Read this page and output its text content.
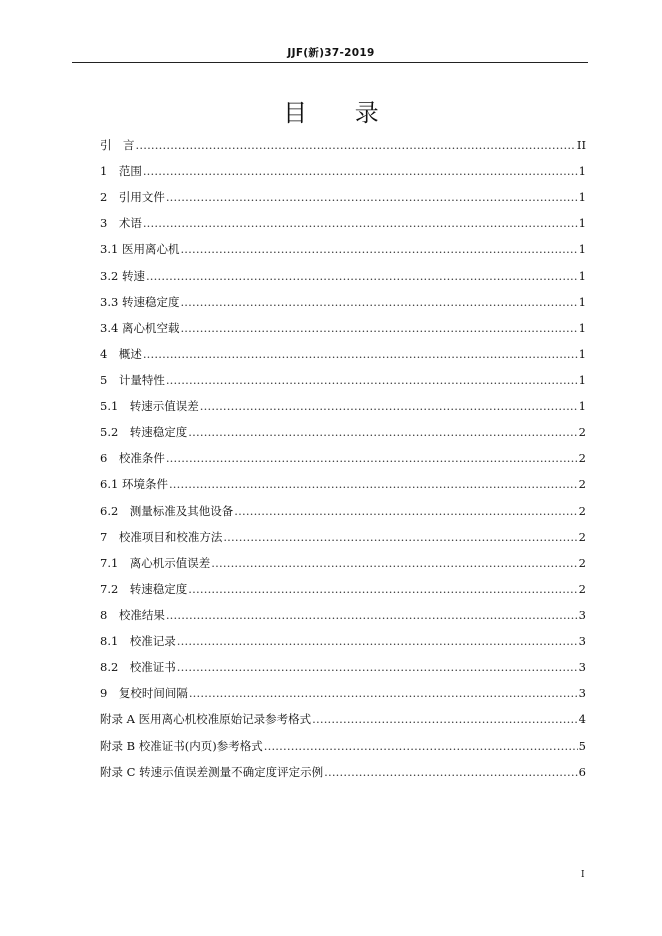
JJF(新)37-2019
目 录
引　言 .....	II
1　范围 .....	1
2　引用文件 .....	1
3　术语 .....	1
3.1 医用离心机 .....	1
3.2 转速 .....	1
3.3 转速稳定度 .....	1
3.4 离心机空载 .....	1
4　概述 .....	1
5　计量特性 .....	1
5.1　转速示值误差 .....	1
5.2　转速稳定度 .....	2
6　校准条件 .....	2
6.1 环境条件 .....	2
6.2　测量标准及其他设备 .....	2
7　校准项目和校准方法 .....	2
7.1　离心机示值误差 .....	2
7.2　转速稳定度 .....	2
8　校准结果 .....	3
8.1　校准记录 .....	3
8.2　校准证书 .....	3
9　复校时间间隔 .....	3
附录 A 医用离心机校准原始记录参考格式 .....	4
附录 B 校准证书(内页)参考格式 .....	5
附录 C 转速示值误差测量不确定度评定示例 .....	6
I
